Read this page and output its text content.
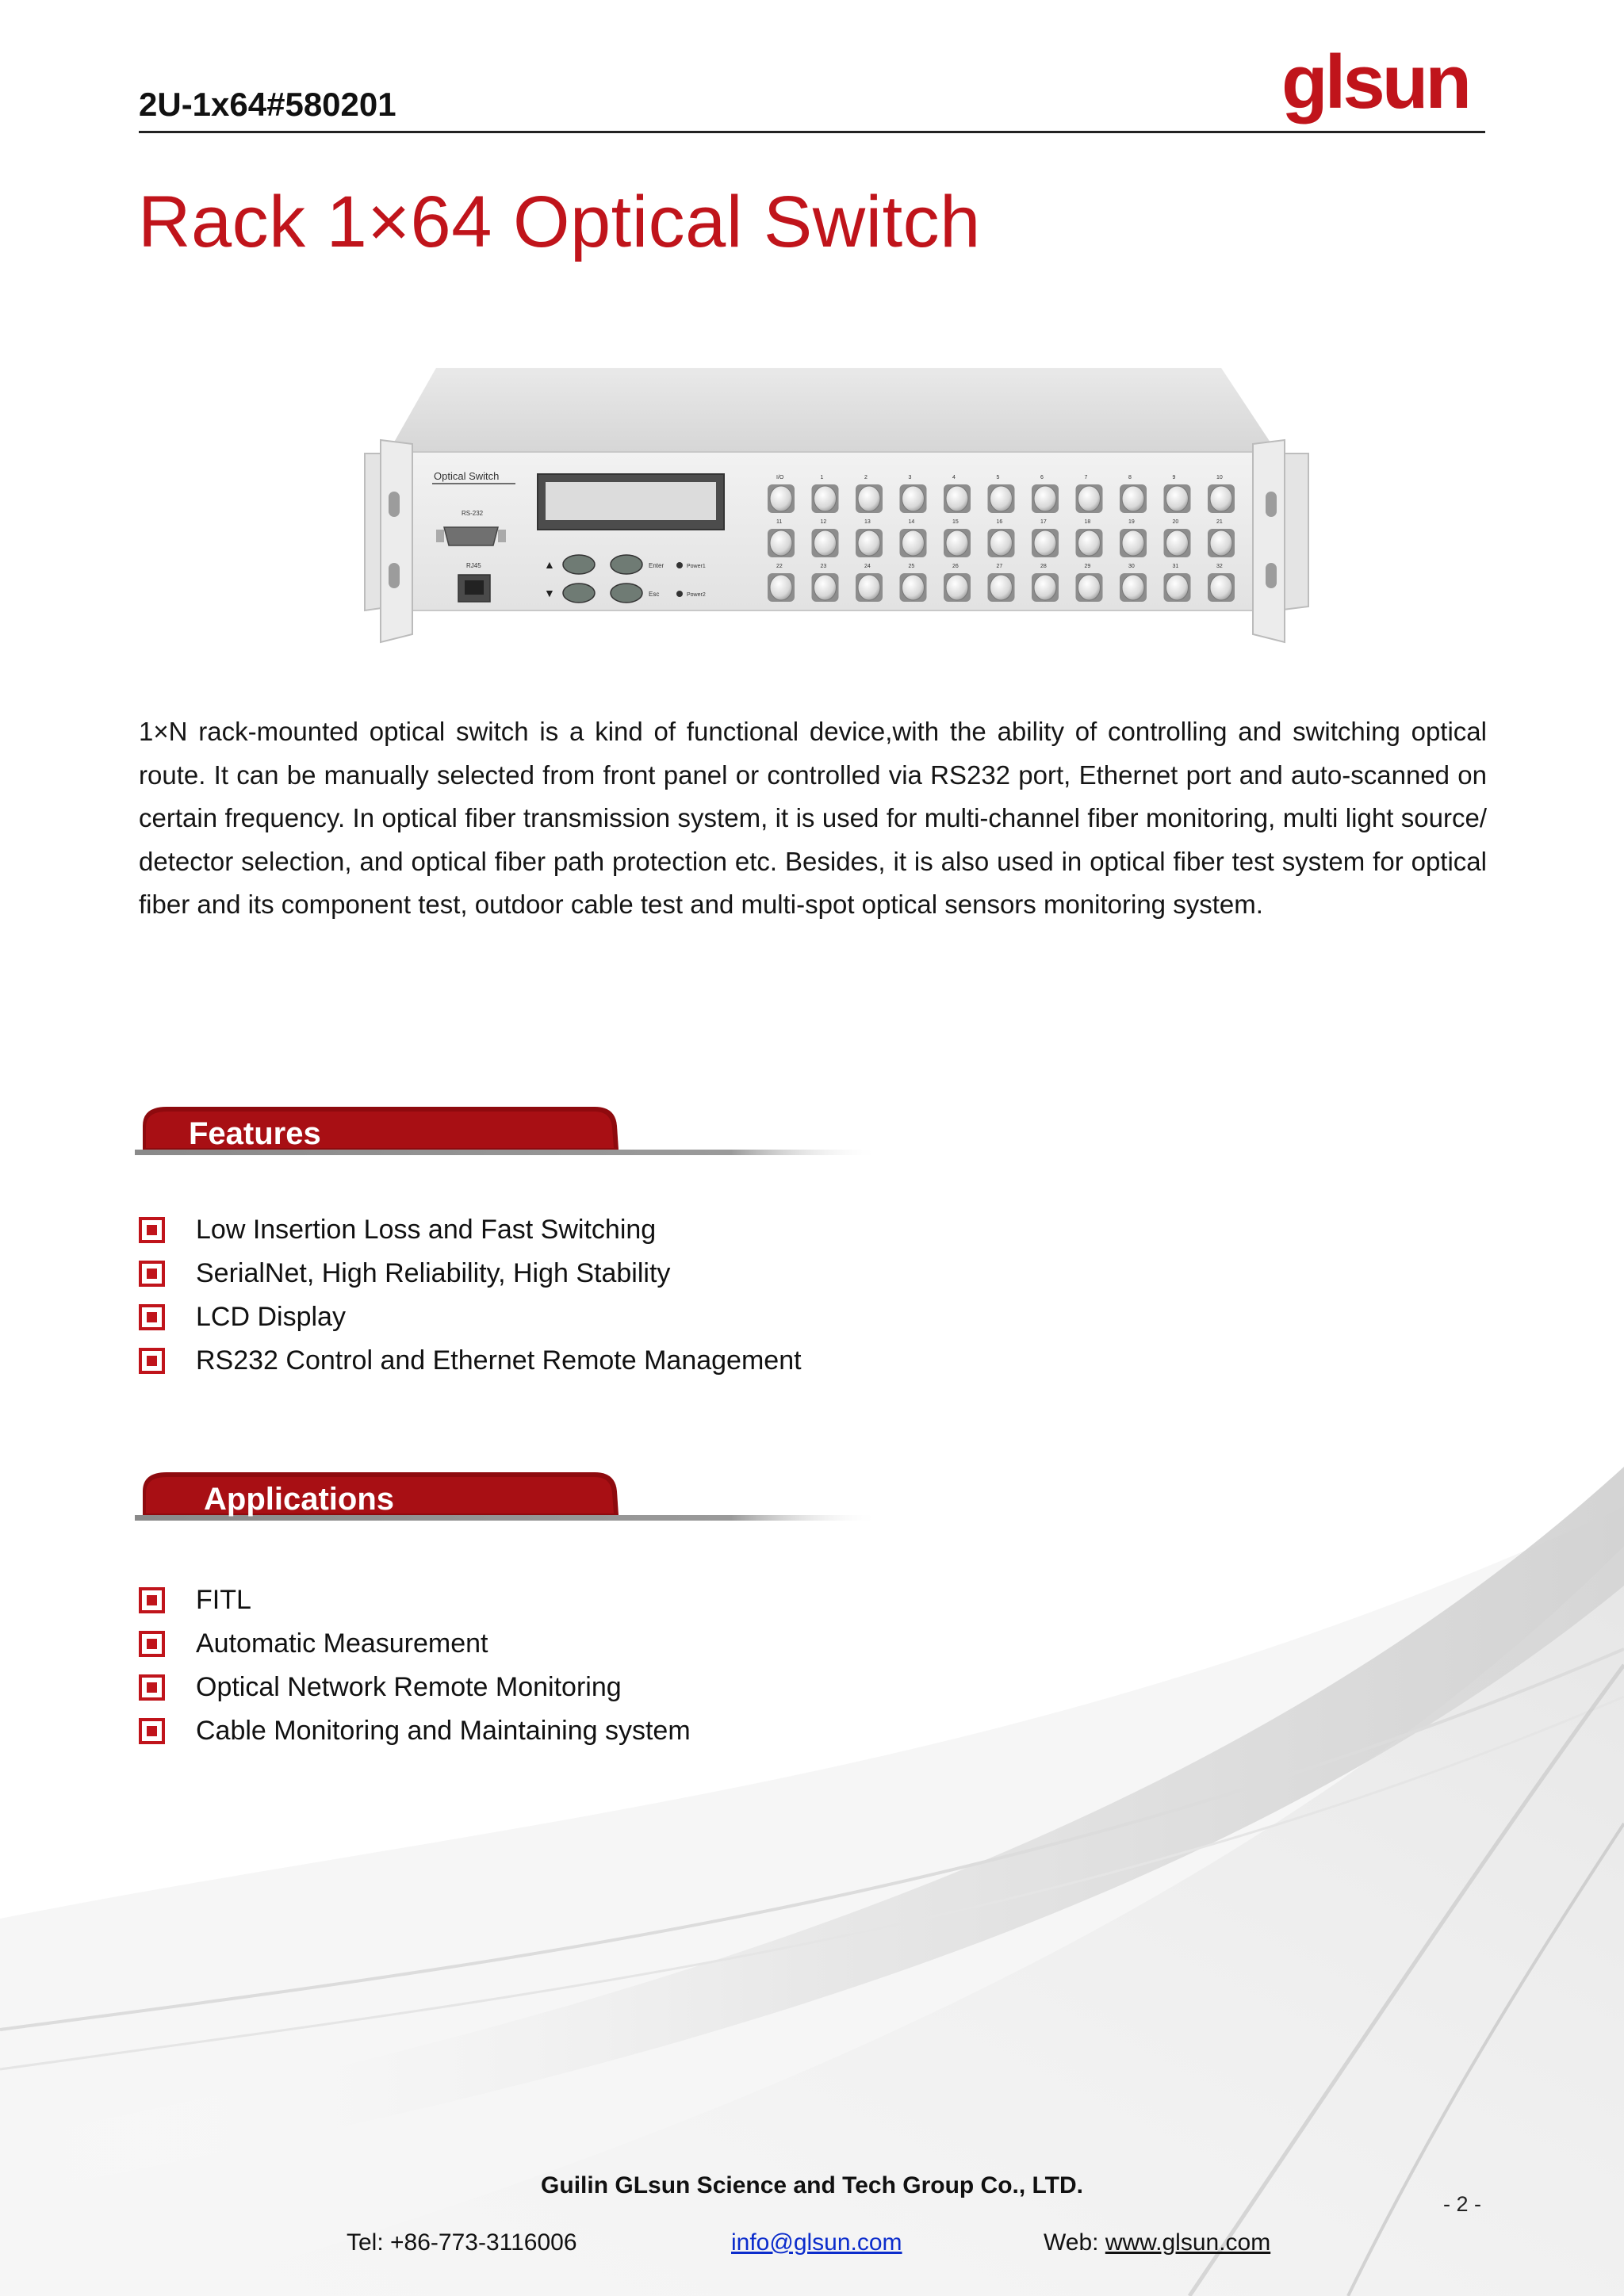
2U-1x64#580201	glsun
Rack 1×64 Optical Switch
Optical Switch
RS-232
RJ45	▲
▼
Enter
Esc
Power1
Power2
I/O	1	2	3	4	5	6	7	8	9	10
11	12	13	14	15	16	17	18	19	20	21
22	23	24	25	26	27	28	29	30	31	32

1×N rack-mounted optical switch is a kind of functional device,with the ability of controlling and switching optical route. It can be manually selected from front panel or controlled via RS232 port, Ethernet port and auto-scanned on certain frequency. In optical fiber transmission system, it is used for multi-channel fiber monitoring, multi light source/ detector selection, and optical fiber path protection etc. Besides, it is also used in optical fiber test system for optical fiber and its component test, outdoor cable test and multi-spot optical sensors monitoring system.

Features
Low Insertion Loss and Fast Switching
SerialNet, High Reliability, High Stability
LCD Display
RS232 Control and Ethernet Remote Management
Applications
FITL
Automatic Measurement
Optical Network Remote Monitoring
Cable Monitoring and Maintaining system
Guilin GLsun Science and Tech Group Co., LTD.
- 2 -
Tel: +86-773-3116006	info@glsun.com	Web: www.glsun.com
